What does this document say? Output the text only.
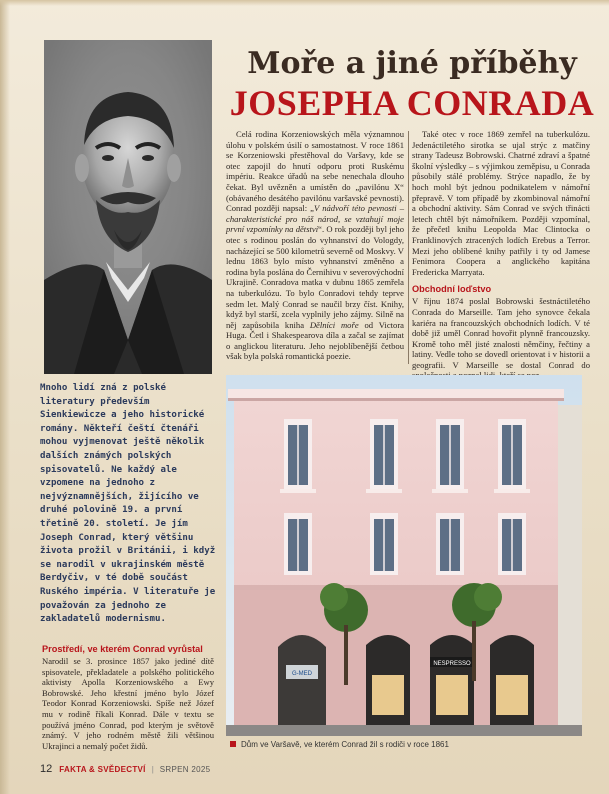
Moře a jiné příběhy
JOSEPHA CONRADA

Celá rodina Korzeniowských měla významnou úlohu v polském úsilí o samostatnost. V roce 1861 se Korzeniowski přestěhoval do Varšavy, kde se otec zapojil do hnutí odporu proti Ruskému impériu. Reakce úřadů na sebe nenechala dlouho čekat. Byl uvězněn a umístěn do „pavilónu X“ (obávaného desátého pavilónu varšavské pevnosti). Conrad později napsal: „V nádvoří této pevnosti – charakteristické pro náš národ, se vztahují moje první vzpomínky na dětství“. O rok později byl jeho otec s rodinou poslán do vyhnanství do Vologdy, nacházející se 500 kilometrů severně od Moskvy. V lednu 1863 bylo místo vyhnanství změněno a rodina byla poslána do Černihivu v severovýchodní Ukrajině. Conradova matka v dubnu 1865 zemřela na tuberkulózu. To bylo Conradovi tehdy teprve sedm let. Malý Conrad se naučil brzy číst. Knihy, když byl starší, zcela vyplnily jeho zájmy. Silně na něj zapůsobila kniha Dělníci moře od Victora Huga. Četl i Shakespearova díla a začal se zajímat o anglickou literaturu. Jeho nejoblíbenější četbou však byla polská romantická poezie.

Také otec v roce 1869 zemřel na tuberkulózu. Jedenáctiletého sirotka se ujal strýc z matčiny strany Tadeusz Bobrowski. Chatrné zdraví a špatné školní výsledky – s výjimkou zeměpisu, u Conrada působily stálé problémy. Strýce napadlo, že by hoch mohl být jednou podnikatelem v námořní přepravě. V tom případě by zkombinoval námořní a obchodní aktivity. Sám Conrad ve svých třinácti letech chtěl být námořníkem. Později vzpomínal, že přečetl knihu Leopolda Mac Clintocka o Franklinových ztracených lodích Erebus a Terror. Mezi jeho oblíbené knihy patřily i ty od Jamese Fenimora Coopera a anglického kapitána Fredericka Marryata.

Obchodní loďstvo

V říjnu 1874 poslal Bobrowski šestnáctiletého Conrada do Marseille. Tam jeho synovce čekala kariéra na francouzských obchodních lodích. V té době již uměl Conrad hovořit plynně francouzsky. Kromě toho měl jisté znalosti němčiny, řečtiny a latiny. Vedle toho se dovedl orientovat i v historii a geografii. V Marseille se dostal Conrad do

Mnoho lidí zná z polské literatury především Sienkiewicze a jeho historické romány. Někteří čeští čtenáři mohou vyjmenovat ještě několik dalších známých polských spisovatelů. Ne každý ale vzpomene na jednoho z nejvýznamnějších, žijícího ve druhé polovině 19. a první třetině 20. století. Je jím Joseph Conrad, který většinu života prožil v Británii, i když se narodil v ukrajinském městě Berdyčiv, v té době součást Ruského impéria. V literatuře je považován za jednoho ze zakladatelů modernismu.
Prostředí, ve kterém Conrad vyrůstal

Narodil se 3. prosince 1857 jako jediné dítě spisovatele, překladatele a polského politického aktivisty Apolla Korzeniowského a Ewy Bobrowské. Jeho křestní jméno bylo Józef Teodor Konrad Korzeniowski. Spíše než Józef mu v rodině říkali Konrad. Dále v textu se používá jméno Conrad, pod kterým je světově známý. V jeho rodném městě žili většinou Ukrajinci a nemalý počet židů.

NESPRESSO
G-MED
Dům ve Varšavě, ve kterém Conrad žil s rodiči v roce 1861
12 FAKTA & SVĚDECTVÍ | SRPEN 2025
